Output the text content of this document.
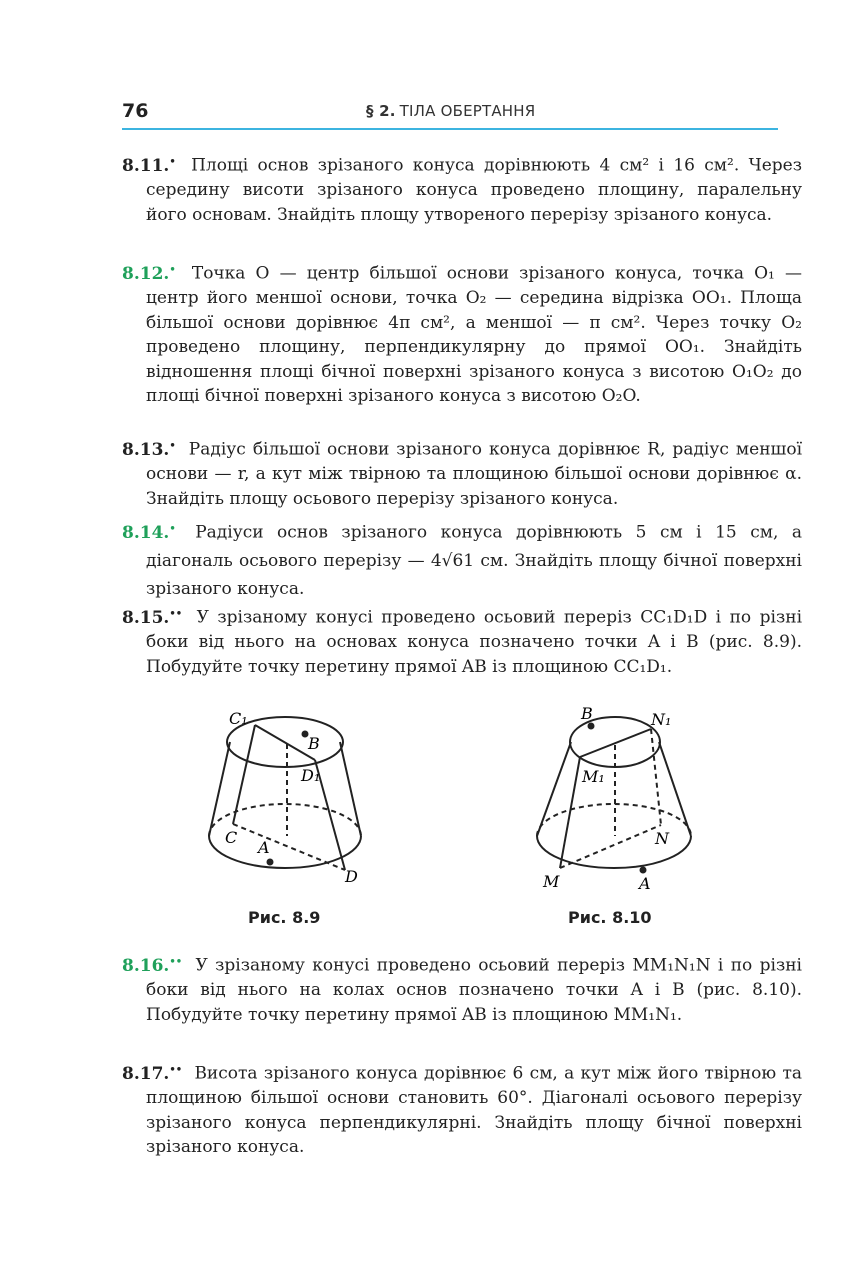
76	§ 2. ТІЛА ОБЕРТАННЯ
8.11.• Площі основ зрізаного конуса дорівнюють 4 см² і 16 см². Через середину висоти зрізаного конуса проведено площину, паралельну його основам. Знайдіть площу утвореного перерізу зрізаного конуса.
8.12.• Точка O — центр більшої основи зрізаного конуса, точка O₁ — центр його меншої основи, точка O₂ — середина відрізка OO₁. Площа більшої основи дорівнює 4π см², а меншої — π см². Через точку O₂ проведено площину, перпендикулярну до прямої OO₁. Знайдіть відношення площі бічної поверхні зрізаного конуса з висотою O₁O₂ до площі бічної поверхні зрізаного конуса з висотою O₂O.
8.13.• Радіус більшої основи зрізаного конуса дорівнює R, радіус меншої основи — r, а кут між твірною та площиною більшої основи дорівнює α. Знайдіть площу осьового перерізу зрізаного конуса.
8.14.• Радіуси основ зрізаного конуса дорівнюють 5 см і 15 см, а діагональ осьового перерізу — 4√61 см. Знайдіть площу бічної поверхні зрізаного конуса.
8.15.•• У зрізаному конусі проведено осьовий переріз CC₁D₁D і по різні боки від нього на основах конуса позначено точки A і B (рис. 8.9). Побудуйте точку перетину прямої AB із площиною CC₁D₁.
C₁
B
D₁
C
A
D
Рис. 8.9
B	N₁
M₁
N
M	A
Рис. 8.10
8.16.•• У зрізаному конусі проведено осьовий переріз MM₁N₁N і по різні боки від нього на колах основ позначено точки A і B (рис. 8.10). Побудуйте точку перетину прямої AB із площиною MM₁N₁.
8.17.•• Висота зрізаного конуса дорівнює 6 см, а кут між його твірною та площиною більшої основи становить 60°. Діагоналі осьового перерізу зрізаного конуса перпендикулярні. Знайдіть площу бічної поверхні зрізаного конуса.
